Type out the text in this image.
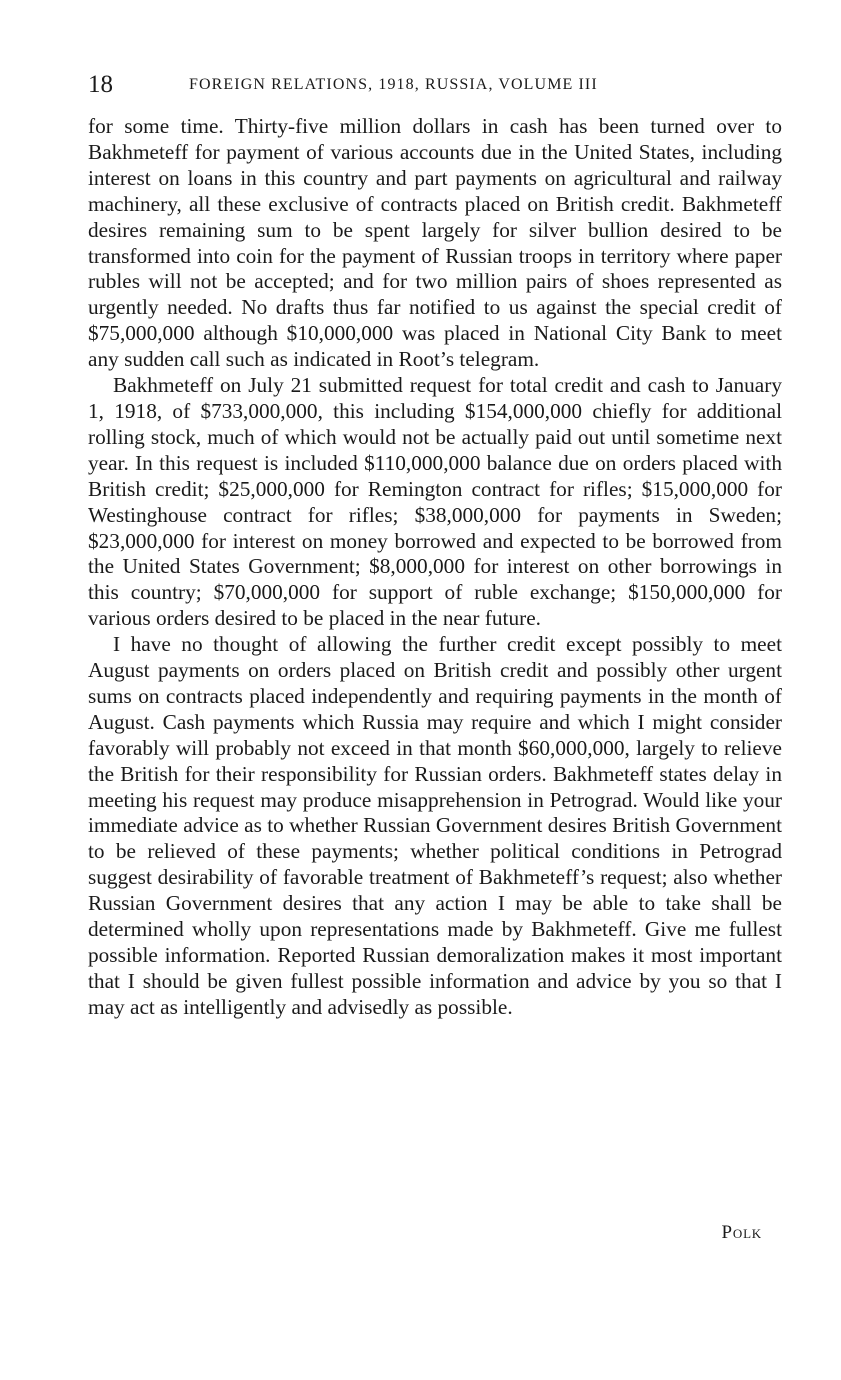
18	FOREIGN RELATIONS, 1918, RUSSIA, VOLUME III

for some time. Thirty-five million dollars in cash has been turned over to Bakhmeteff for payment of various accounts due in the United States, including interest on loans in this country and part payments on agricultural and railway machinery, all these exclusive of contracts placed on British credit. Bakhmeteff desires remaining sum to be spent largely for silver bullion desired to be transformed into coin for the payment of Russian troops in territory where paper rubles will not be accepted; and for two million pairs of shoes represented as urgently needed. No drafts thus far notified to us against the special credit of $75,000,000 although $10,000,000 was placed in National City Bank to meet any sudden call such as indicated in Root’s telegram.

Bakhmeteff on July 21 submitted request for total credit and cash to January 1, 1918, of $733,000,000, this including $154,000,000 chiefly for additional rolling stock, much of which would not be actually paid out until sometime next year. In this request is included $110,000,000 balance due on orders placed with British credit; $25,000,000 for Remington contract for rifles; $15,000,000 for Westinghouse contract for rifles; $38,000,000 for payments in Sweden; $23,000,000 for interest on money borrowed and expected to be borrowed from the United States Government; $8,000,000 for interest on other borrowings in this country; $70,000,000 for support of ruble exchange; $150,000,000 for various orders desired to be placed in the near future.

I have no thought of allowing the further credit except possibly to meet August payments on orders placed on British credit and possibly other urgent sums on contracts placed independently and requiring payments in the month of August. Cash payments which Russia may require and which I might consider favorably will probably not exceed in that month $60,000,000, largely to relieve the British for their responsibility for Russian orders. Bakhmeteff states delay in meeting his request may produce misapprehension in Petrograd. Would like your immediate advice as to whether Russian Government desires British Government to be relieved of these payments; whether political conditions in Petrograd suggest desirability of favorable treatment of Bakhmeteff’s request; also whether Russian Government desires that any action I may be able to take shall be determined wholly upon representations made by Bakhmeteff. Give me fullest possible information. Reported Russian demoralization makes it most important that I should be given fullest possible information and advice by you so that I may act as intelligently and advisedly as possible.

Polk
